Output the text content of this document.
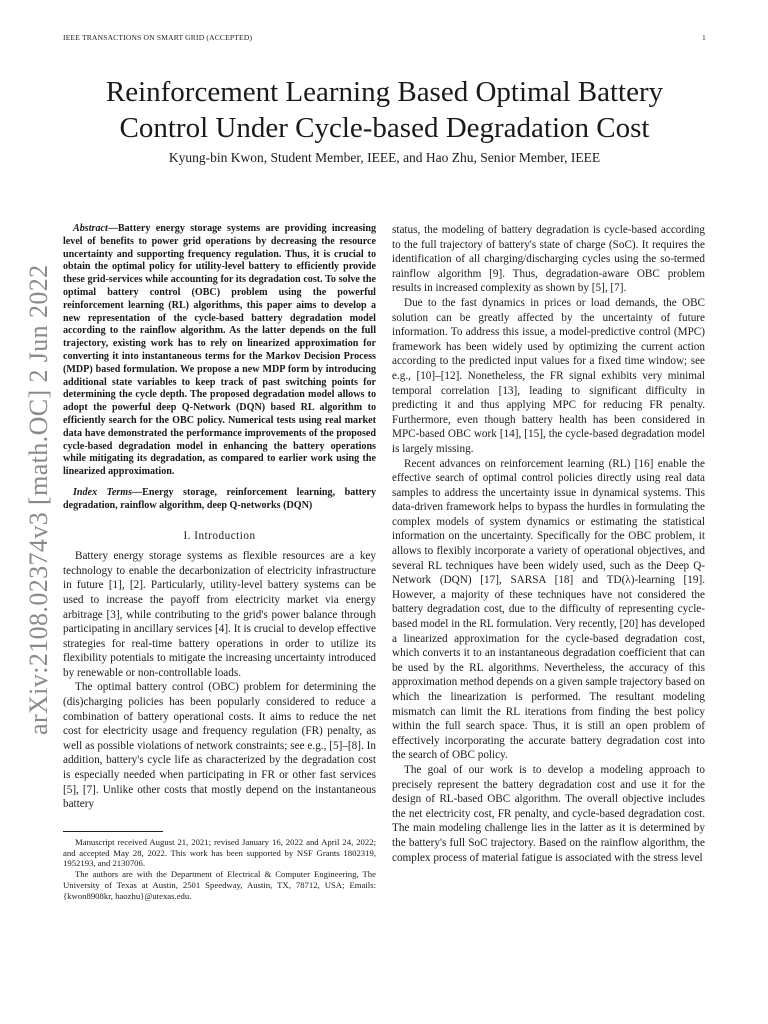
IEEE TRANSACTIONS ON SMART GRID (ACCEPTED)	1
arXiv:2108.02374v3 [math.OC] 2 Jun 2022
Reinforcement Learning Based Optimal Battery Control Under Cycle-based Degradation Cost
Kyung-bin Kwon, Student Member, IEEE, and Hao Zhu, Senior Member, IEEE

Abstract—Battery energy storage systems are providing increasing level of benefits to power grid operations by decreasing the resource uncertainty and supporting frequency regulation. Thus, it is crucial to obtain the optimal policy for utility-level battery to efficiently provide these grid-services while accounting for its degradation cost. To solve the optimal battery control (OBC) problem using the powerful reinforcement learning (RL) algorithms, this paper aims to develop a new representation of the cycle-based battery degradation model according to the rainflow algorithm. As the latter depends on the full trajectory, existing work has to rely on linearized approximation for converting it into instantaneous terms for the Markov Decision Process (MDP) based formulation. We propose a new MDP form by introducing additional state variables to keep track of past switching points for determining the cycle depth. The proposed degradation model allows to adopt the powerful deep Q-Network (DQN) based RL algorithm to efficiently search for the OBC policy. Numerical tests using real market data have demonstrated the performance improvements of the proposed cycle-based degradation model in enhancing the battery operations while mitigating its degradation, as compared to earlier work using the linearized approximation.

Index Terms—Energy storage, reinforcement learning, battery degradation, rainflow algorithm, deep Q-networks (DQN)

I. Introduction

Battery energy storage systems as flexible resources are a key technology to enable the decarbonization of electricity infrastructure in future [1], [2]. Particularly, utility-level battery systems can be used to increase the payoff from electricity market via energy arbitrage [3], while contributing to the grid's power balance through participating in ancillary services [4]. It is crucial to develop effective strategies for real-time battery operations in order to utilize its flexibility potentials to mitigate the increasing uncertainty introduced by renewable or non-controllable loads.

The optimal battery control (OBC) problem for determining the (dis)charging policies has been popularly considered to reduce a combination of battery operational costs. It aims to reduce the net cost for electricity usage and frequency regulation (FR) penalty, as well as possible violations of network constraints; see e.g., [5]–[8]. In addition, battery's cycle life as characterized by the degradation cost is especially needed when participating in FR or other fast services [5], [7]. Unlike other costs that mostly depend on the instantaneous battery

Manuscript received August 21, 2021; revised January 16, 2022 and April 24, 2022; and accepted May 28, 2022. This work has been supported by NSF Grants 1802319, 1952193, and 2130706.

The authors are with the Department of Electrical & Computer Engineering, The University of Texas at Austin, 2501 Speedway, Austin, TX, 78712, USA; Emails: {kwon8908kr, haozhu}@utexas.edu.

status, the modeling of battery degradation is cycle-based according to the full trajectory of battery's state of charge (SoC). It requires the identification of all charging/discharging cycles using the so-termed rainflow algorithm [9]. Thus, degradation-aware OBC problem results in increased complexity as shown by [5], [7].

Due to the fast dynamics in prices or load demands, the OBC solution can be greatly affected by the uncertainty of future information. To address this issue, a model-predictive control (MPC) framework has been widely used by optimizing the current action according to the predicted input values for a fixed time window; see e.g., [10]–[12]. Nonetheless, the FR signal exhibits very minimal temporal correlation [13], leading to significant difficulty in predicting it and thus applying MPC for reducing FR penalty. Furthermore, even though battery health has been considered in MPC-based OBC work [14], [15], the cycle-based degradation model is largely missing.

Recent advances on reinforcement learning (RL) [16] enable the effective search of optimal control policies directly using real data samples to address the uncertainty issue in dynamical systems. This data-driven framework helps to bypass the hurdles in formulating the complex models of system dynamics or estimating the statistical information on the uncertainty. Specifically for the OBC problem, it allows to flexibly incorporate a variety of operational objectives, and several RL techniques have been widely used, such as the Deep Q-Network (DQN) [17], SARSA [18] and TD(λ)-learning [19]. However, a majority of these techniques have not considered the battery degradation cost, due to the difficulty of representing cycle-based model in the RL formulation. Very recently, [20] has developed a linearized approximation for the cycle-based degradation cost, which converts it to an instantaneous degradation coefficient that can be used by the RL algorithms. Nevertheless, the accuracy of this approximation method depends on a given sample trajectory based on which the linearization is performed. The resultant modeling mismatch can limit the RL iterations from finding the best policy within the full search space. Thus, it is still an open problem of effectively incorporating the accurate battery degradation cost into the search of OBC policy.

The goal of our work is to develop a modeling approach to precisely represent the battery degradation cost and use it for the design of RL-based OBC algorithm. The overall objective includes the net electricity cost, FR penalty, and cycle-based degradation cost. The main modeling challenge lies in the latter as it is determined by the battery's full SoC trajectory. Based on the rainflow algorithm, the complex process of material fatigue is associated with the stress level
